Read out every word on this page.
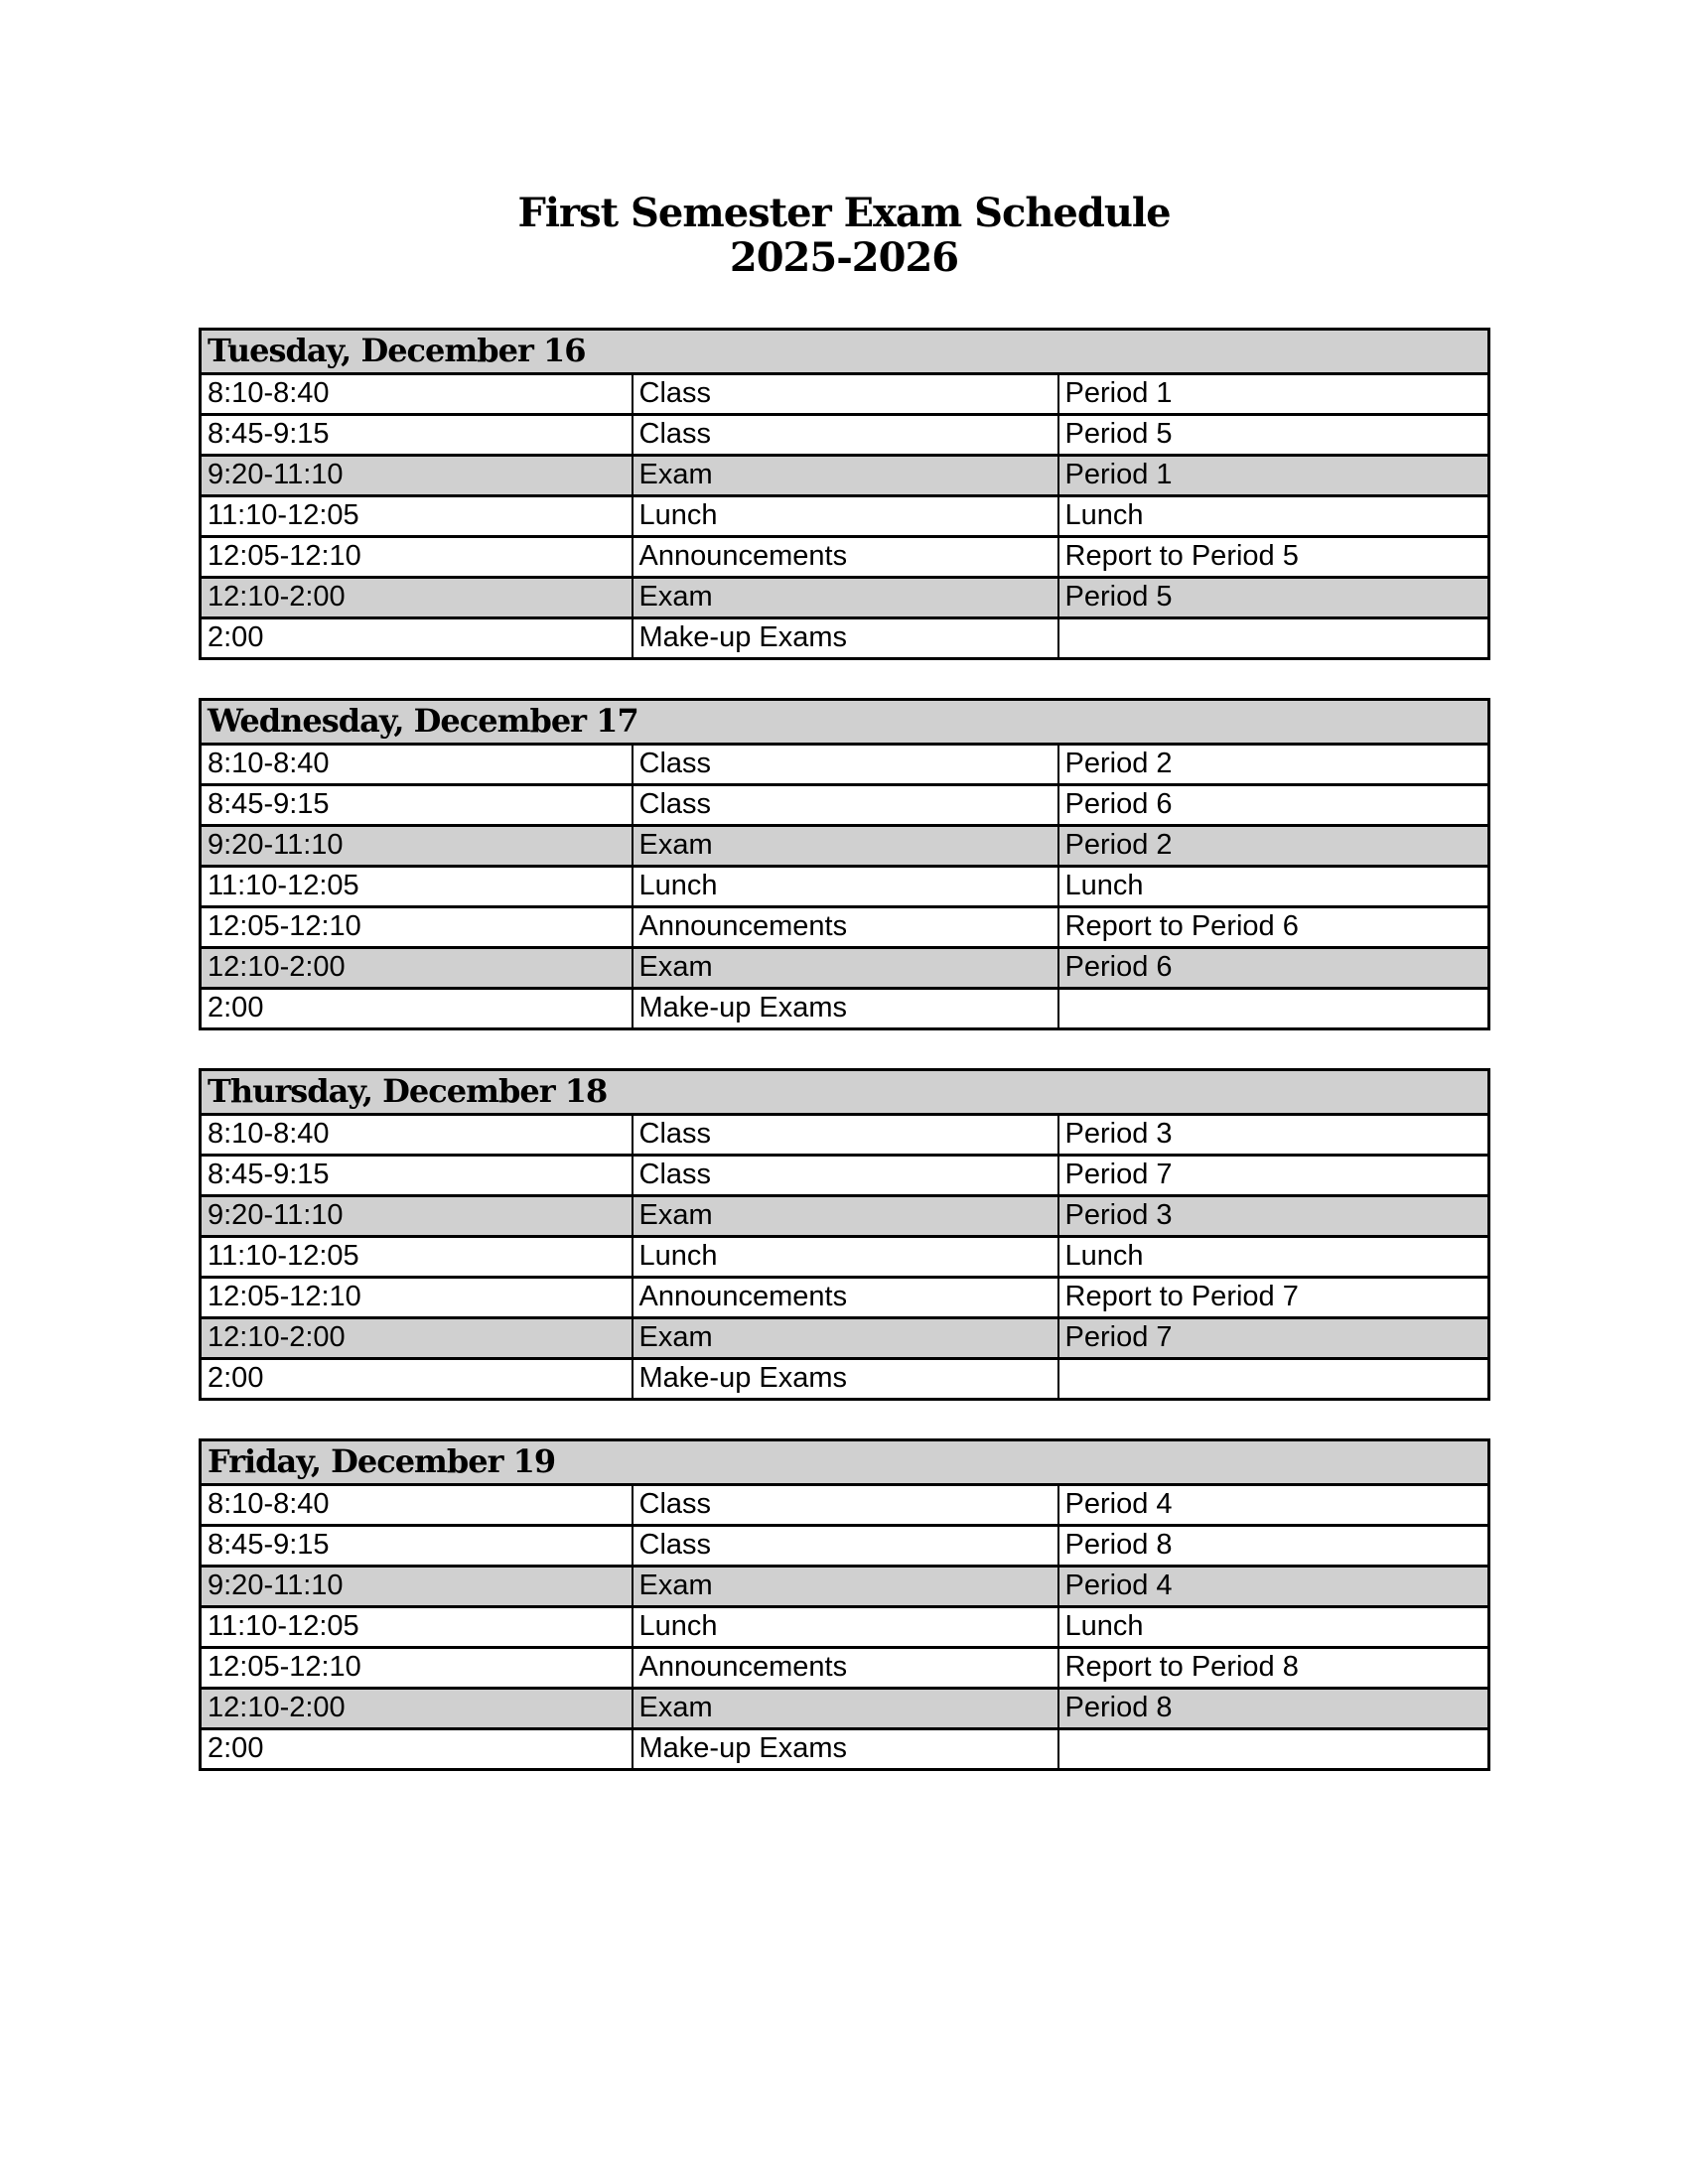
First Semester Exam Schedule
2025-2026
Tuesday, December 16		
8:10-8:40	Class	Period 1
8:45-9:15	Class	Period 5
9:20-11:10	Exam	Period 1
11:10-12:05	Lunch	Lunch
12:05-12:10	Announcements	Report to Period 5
12:10-2:00	Exam	Period 5
2:00	Make-up Exams	
Wednesday, December 17		
8:10-8:40	Class	Period 2
8:45-9:15	Class	Period 6
9:20-11:10	Exam	Period 2
11:10-12:05	Lunch	Lunch
12:05-12:10	Announcements	Report to Period 6
12:10-2:00	Exam	Period 6
2:00	Make-up Exams	
Thursday, December 18		
8:10-8:40	Class	Period 3
8:45-9:15	Class	Period 7
9:20-11:10	Exam	Period 3
11:10-12:05	Lunch	Lunch
12:05-12:10	Announcements	Report to Period 7
12:10-2:00	Exam	Period 7
2:00	Make-up Exams	
Friday, December 19		
8:10-8:40	Class	Period 4
8:45-9:15	Class	Period 8
9:20-11:10	Exam	Period 4
11:10-12:05	Lunch	Lunch
12:05-12:10	Announcements	Report to Period 8
12:10-2:00	Exam	Period 8
2:00	Make-up Exams	
